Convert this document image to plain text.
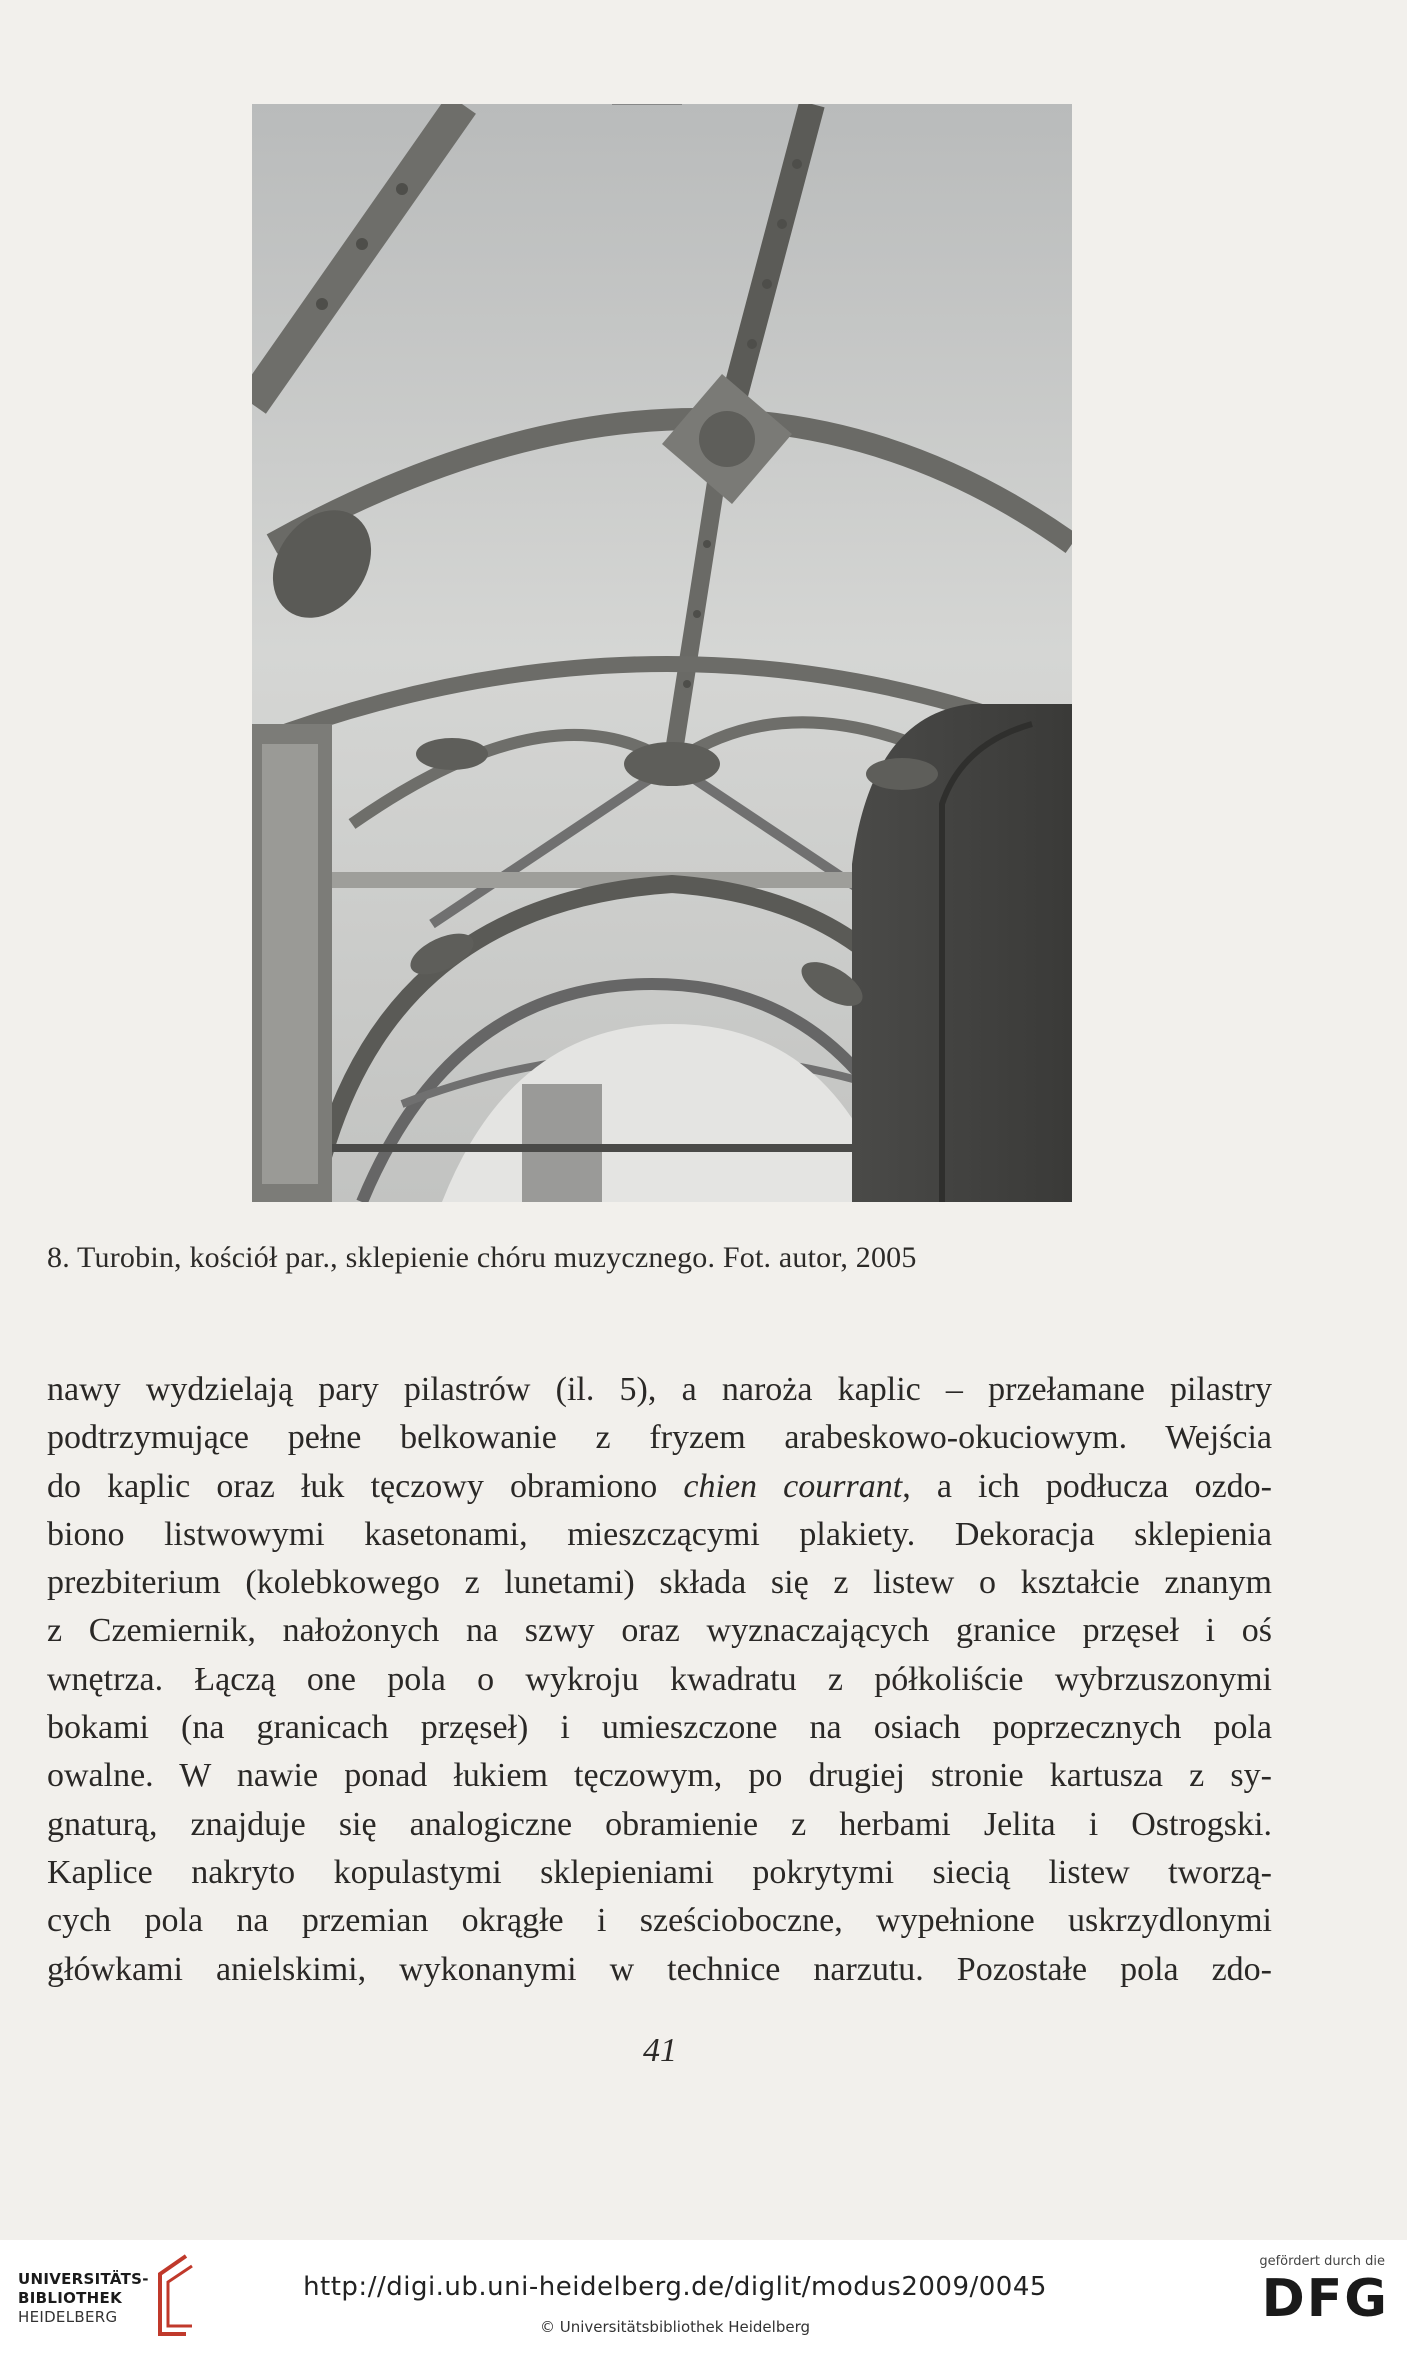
8. Turobin, kościół par., sklepienie chóru muzycznego. Fot. autor, 2005
nawy wydzielają pary pilastrów (il. 5), a naroża kaplic – przełamane pilastry
podtrzymujące pełne belkowanie z fryzem arabeskowo-okuciowym. Wejścia
do kaplic oraz łuk tęczowy obramiono chien courrant, a ich podłucza ozdo-
bionο listwowymi kasetonami, mieszczącymi plakiety. Dekoracja sklepienia
prezbiterium (kolebkowego z lunetami) składa się z listew o kształcie znanym
z Czemiernik, nałożonych na szwy oraz wyznaczających granice przęseł i oś
wnętrza. Łączą one pola o wykroju kwadratu z półkoliście wybrzuszonymi
bokami (na granicach przęseł) i umieszczone na osiach poprzecznych pola
owalne. W nawie ponad łukiem tęczowym, po drugiej stronie kartusza z sy-
gnaturą, znajduje się analogiczne obramienie z herbami Jelita i Ostrogski.
Kaplice nakryto kopulastymi sklepieniami pokrytymi siecią listew tworzą-
cych pola na przemian okrągłe i sześcioboczne, wypełnione uskrzydlonymi
główkami anielskimi, wykonanymi w technice narzutu. Pozostałe pola zdo-
41
UNIVERSITÄTS-
BIBLIOTHEK
HEIDELBERG
http://digi.ub.uni-heidelberg.de/diglit/modus2009/0045
© Universitätsbibliothek Heidelberg
gefördert durch die
DFG
